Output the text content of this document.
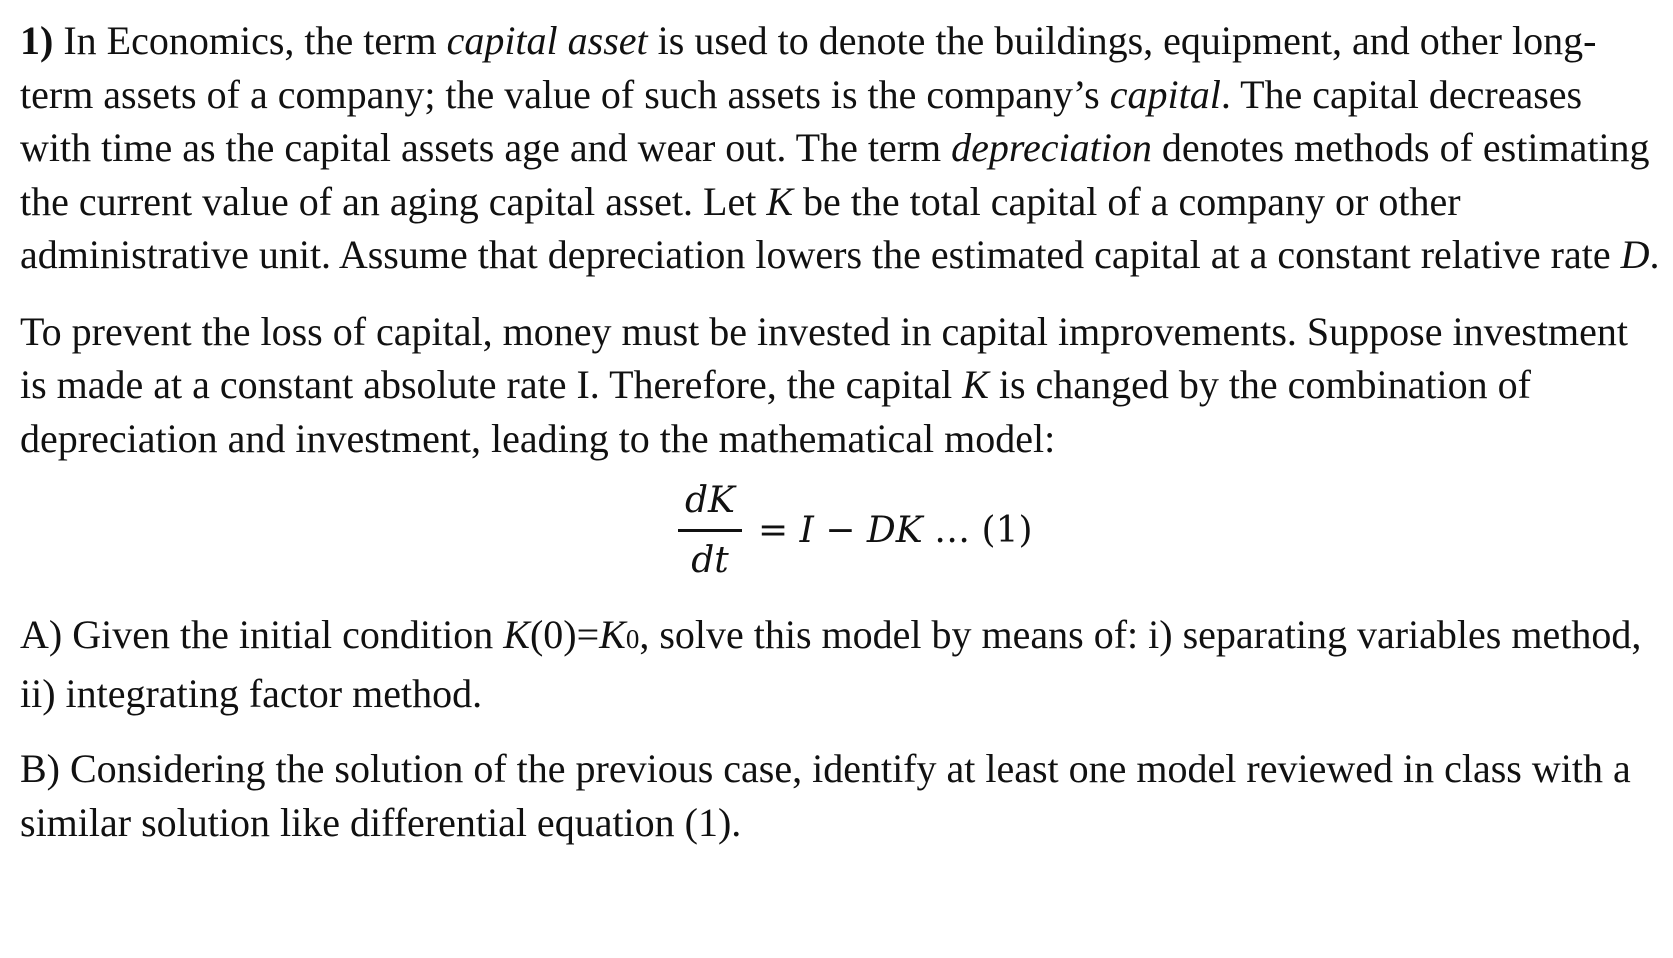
1) In Economics, the term capital asset is used to denote the buildings, equipment, and other long-term assets of a company; the value of such assets is the company’s capital. The capital decreases with time as the capital assets age and wear out. The term depreciation denotes methods of estimating the current value of an aging capital asset. Let K be the total capital of a company or other administrative unit. Assume that depreciation lowers the estimated capital at a constant relative rate D.

To prevent the loss of capital, money must be invested in capital improvements. Suppose investment is made at a constant absolute rate I. Therefore, the capital K is changed by the combination of depreciation and investment, leading to the mathematical model:

dK
dt
= I − DK … (1)

A) Given the initial condition K(0)=K0, solve this model by means of: i) separating variables method, ii) integrating factor method.

B) Considering the solution of the previous case, identify at least one model reviewed in class with a similar solution like differential equation (1).
